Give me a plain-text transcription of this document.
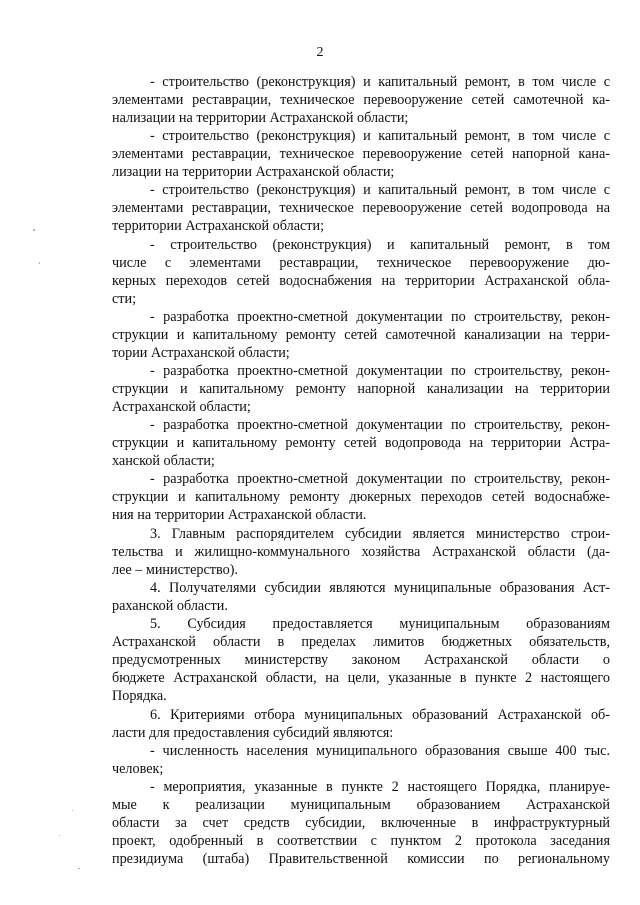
2
- строительство (реконструкция) и капитальный ремонт, в том числе с
элементами реставрации, техническое перевооружение сетей самотечной ка-
нализации на территории Астраханской области;
- строительство (реконструкция) и капитальный ремонт, в том числе с
элементами реставрации, техническое перевооружение сетей напорной кана-
лизации на территории Астраханской области;
- строительство (реконструкция) и капитальный ремонт, в том числе с
элементами реставрации, техническое перевооружение сетей водопровода на
территории Астраханской области;
- строительство (реконструкция) и капитальный ремонт, в том
числе с элементами реставрации, техническое перевооружение дю-
керных переходов сетей водоснабжения на территории Астраханской обла-
сти;
- разработка проектно-сметной документации по строительству, рекон-
струкции и капитальному ремонту сетей самотечной канализации на терри-
тории Астраханской области;
- разработка проектно-сметной документации по строительству, рекон-
струкции и капитальному ремонту напорной канализации на территории
Астраханской области;
- разработка проектно-сметной документации по строительству, рекон-
струкции и капитальному ремонту сетей водопровода на территории Астра-
ханской области;
- разработка проектно-сметной документации по строительству, рекон-
струкции и капитальному ремонту дюкерных переходов сетей водоснабже-
ния на территории Астраханской области.
3. Главным распорядителем субсидии является министерство строи-
тельства и жилищно-коммунального хозяйства Астраханской области (да-
лее – министерство).
4. Получателями субсидии являются муниципальные образования Аст-
раханской области.
5. Субсидия предоставляется муниципальным образованиям
Астраханской области в пределах лимитов бюджетных обязательств,
предусмотренных министерству законом Астраханской области о
бюджете Астраханской области, на цели, указанные в пункте 2 настоящего
Порядка.
6. Критериями отбора муниципальных образований Астраханской об-
ласти для предоставления субсидий являются:
- численность населения муниципального образования свыше 400 тыс.
человек;
- мероприятия, указанные в пункте 2 настоящего Порядка, планируе-
мые к реализации муниципальным образованием Астраханской
области за счет средств субсидии, включенные в инфраструктурный
проект, одобренный в соответствии с пунктом 2 протокола заседания
президиума (штаба) Правительственной комиссии по региональному
